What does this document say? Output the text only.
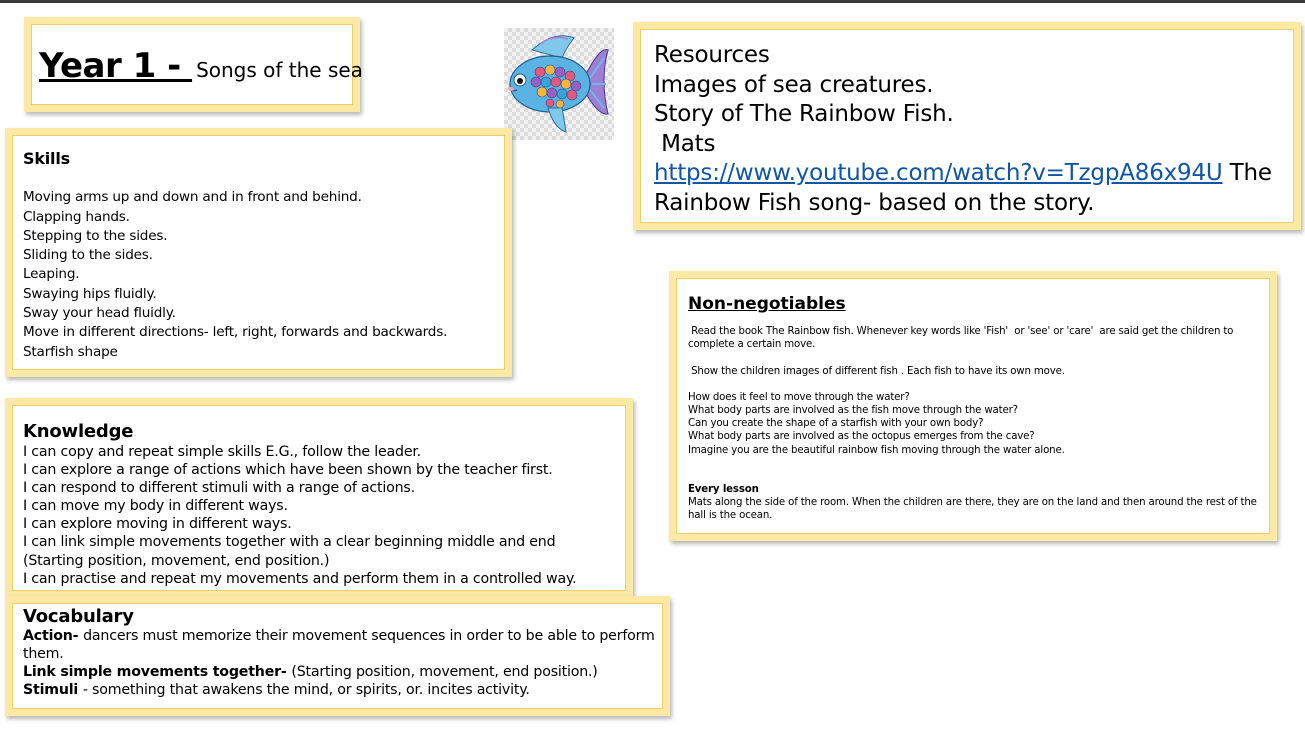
Year 1 - Songs of the sea
Resources
Images of sea creatures.
Story of The Rainbow Fish.
Mats
https://www.youtube.com/watch?v=TzgpA86x94U The Rainbow Fish song- based on the story.
Skills
Moving arms up and down and in front and behind.
Clapping hands.
Stepping to the sides.
Sliding to the sides.
Leaping.
Swaying hips fluidly.
Sway your head fluidly.
Move in different directions- left, right, forwards and backwards.
Starfish shape
Non-negotiables
Read the book The Rainbow fish. Whenever key words like 'Fish'  or 'see' or 'care'  are said get the children to complete a certain move.
Show the children images of different fish . Each fish to have its own move.
How does it feel to move through the water?
What body parts are involved as the fish move through the water?
Can you create the shape of a starfish with your own body?
What body parts are involved as the octopus emerges from the cave?
Imagine you are the beautiful rainbow fish moving through the water alone.
Every lesson
Mats along the side of the room. When the children are there, they are on the land and then around the rest of the hall is the ocean.
Knowledge
I can copy and repeat simple skills E.G., follow the leader.
I can explore a range of actions which have been shown by the teacher first.
I can respond to different stimuli with a range of actions.
I can move my body in different ways.
I can explore moving in different ways.
I can link simple movements together with a clear beginning middle and end (Starting position, movement, end position.)
I can practise and repeat my movements and perform them in a controlled way.
Vocabulary
Action- dancers must memorize their movement sequences in order to be able to perform them.
Link simple movements together- (Starting position, movement, end position.)
Stimuli - something that awakens the mind, or spirits, or. incites activity.
